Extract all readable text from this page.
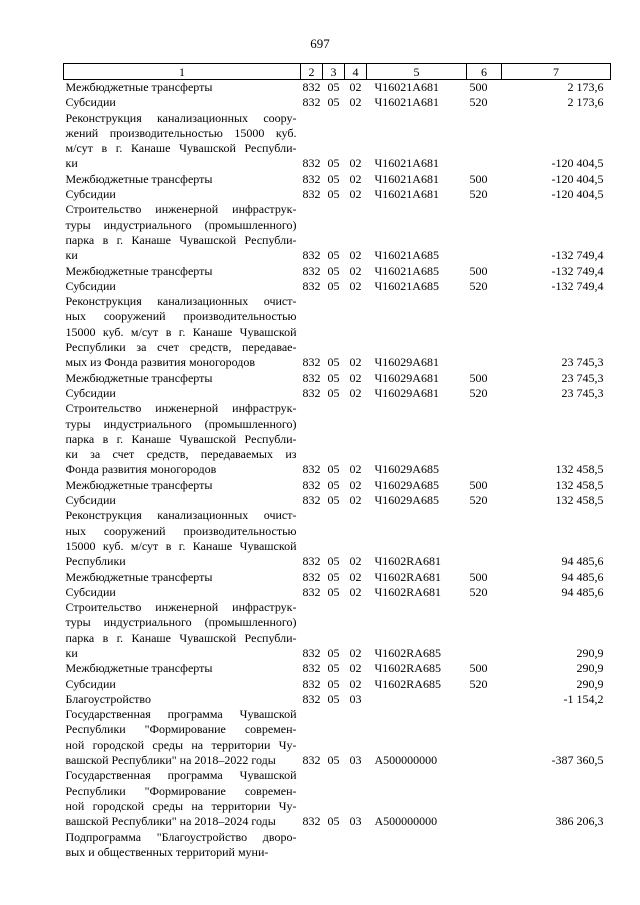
697
1	2	3	4	5	6	7

Межбюджетные трансферты	832	05	02	Ч16021А681	500	2 173,6

Субсидии	832	05	02	Ч16021А681	520	2 173,6

Реконструкция канализационных соору-
жений производительностью 15000 куб.
м/сут в г. Канаше Чувашской Республи-
ки	832	05	02	Ч16021А681		-120 404,5

Межбюджетные трансферты	832	05	02	Ч16021А681	500	-120 404,5

Субсидии	832	05	02	Ч16021А681	520	-120 404,5

Строительство инженерной инфраструк-
туры индустриального (промышленного)
парка в г. Канаше Чувашской Республи-
ки	832	05	02	Ч16021А685		-132 749,4

Межбюджетные трансферты	832	05	02	Ч16021А685	500	-132 749,4

Субсидии	832	05	02	Ч16021А685	520	-132 749,4

Реконструкция канализационных очист-
ных сооружений производительностью
15000 куб. м/сут в г. Канаше Чувашской
Республики за счет средств, передавае-
мых из Фонда развития моногородов	832	05	02	Ч16029А681		23 745,3

Межбюджетные трансферты	832	05	02	Ч16029А681	500	23 745,3

Субсидии	832	05	02	Ч16029А681	520	23 745,3

Строительство инженерной инфраструк-
туры индустриального (промышленного)
парка в г. Канаше Чувашской Республи-
ки за счет средств, передаваемых из
Фонда развития моногородов	832	05	02	Ч16029А685		132 458,5

Межбюджетные трансферты	832	05	02	Ч16029А685	500	132 458,5

Субсидии	832	05	02	Ч16029А685	520	132 458,5

Реконструкция канализационных очист-
ных сооружений производительностью
15000 куб. м/сут в г. Канаше Чувашской
Республики	832	05	02	Ч1602RА681		94 485,6

Межбюджетные трансферты	832	05	02	Ч1602RА681	500	94 485,6

Субсидии	832	05	02	Ч1602RА681	520	94 485,6

Строительство инженерной инфраструк-
туры индустриального (промышленного)
парка в г. Канаше Чувашской Республи-
ки	832	05	02	Ч1602RА685		290,9

Межбюджетные трансферты	832	05	02	Ч1602RА685	500	290,9

Субсидии	832	05	02	Ч1602RА685	520	290,9

Благоустройство	832	05	03			-1 154,2

Государственная программа Чувашской
Республики "Формирование современ-
ной городской среды на территории Чу-
вашской Республики" на 2018–2022 годы	832	05	03	А500000000		-387 360,5

Государственная программа Чувашской
Республики "Формирование современ-
ной городской среды на территории Чу-
вашской Республики" на 2018–2024 годы	832	05	03	А500000000		386 206,3

Подпрограмма "Благоустройство дворо-
вых и общественных территорий муни-						
